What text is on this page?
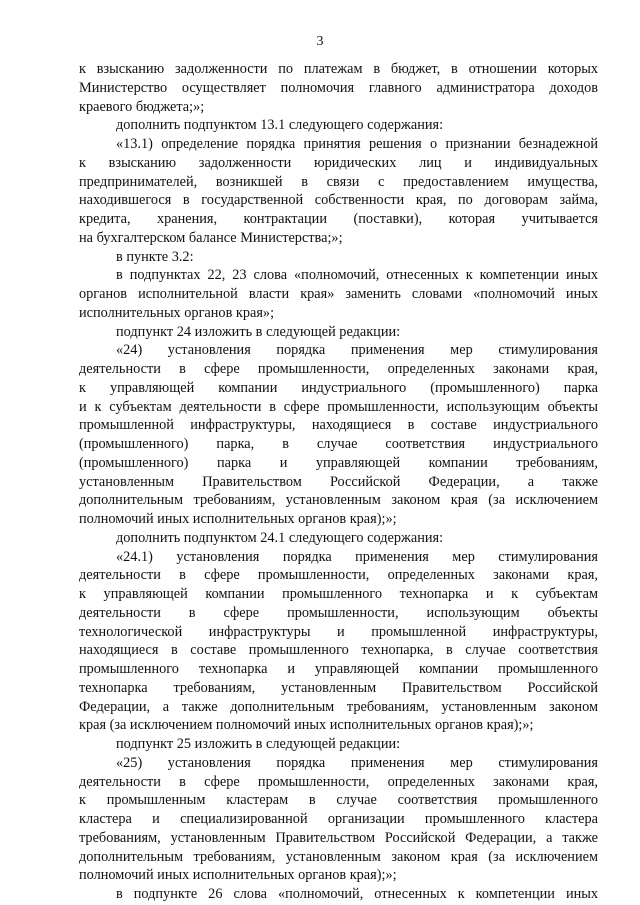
3
к взысканию задолженности по платежам в бюджет, в отношении которых
Министерство осуществляет полномочия главного администратора доходов
краевого бюджета;»;
дополнить подпунктом 13.1 следующего содержания:
«13.1) определение порядка принятия решения о признании безнадежной
к взысканию задолженности юридических лиц и индивидуальных
предпринимателей, возникшей в связи с предоставлением имущества,
находившегося в государственной собственности края, по договорам займа,
кредита, хранения, контрактации (поставки), которая учитывается
на бухгалтерском балансе Министерства;»;
в пункте 3.2:
в подпунктах 22, 23 слова «полномочий, отнесенных к компетенции иных
органов исполнительной власти края» заменить словами «полномочий иных
исполнительных органов края»;
подпункт 24 изложить в следующей редакции:
«24) установления порядка применения мер стимулирования
деятельности в сфере промышленности, определенных законами края,
к управляющей компании индустриального (промышленного) парка
и к субъектам деятельности в сфере промышленности, использующим объекты
промышленной инфраструктуры, находящиеся в составе индустриального
(промышленного) парка, в случае соответствия индустриального
(промышленного) парка и управляющей компании требованиям,
установленным Правительством Российской Федерации, а также
дополнительным требованиям, установленным законом края (за исключением
полномочий иных исполнительных органов края);»;
дополнить подпунктом 24.1 следующего содержания:
«24.1) установления порядка применения мер стимулирования
деятельности в сфере промышленности, определенных законами края,
к управляющей компании промышленного технопарка и к субъектам
деятельности в сфере промышленности, использующим объекты
технологической инфраструктуры и промышленной инфраструктуры,
находящиеся в составе промышленного технопарка, в случае соответствия
промышленного технопарка и управляющей компании промышленного
технопарка требованиям, установленным Правительством Российской
Федерации, а также дополнительным требованиям, установленным законом
края (за исключением полномочий иных исполнительных органов края);»;
подпункт 25 изложить в следующей редакции:
«25) установления порядка применения мер стимулирования
деятельности в сфере промышленности, определенных законами края,
к промышленным кластерам в случае соответствия промышленного
кластера и специализированной организации промышленного кластера
требованиям, установленным Правительством Российской Федерации, а также
дополнительным требованиям, установленным законом края (за исключением
полномочий иных исполнительных органов края);»;
в подпункте 26 слова «полномочий, отнесенных к компетенции иных
